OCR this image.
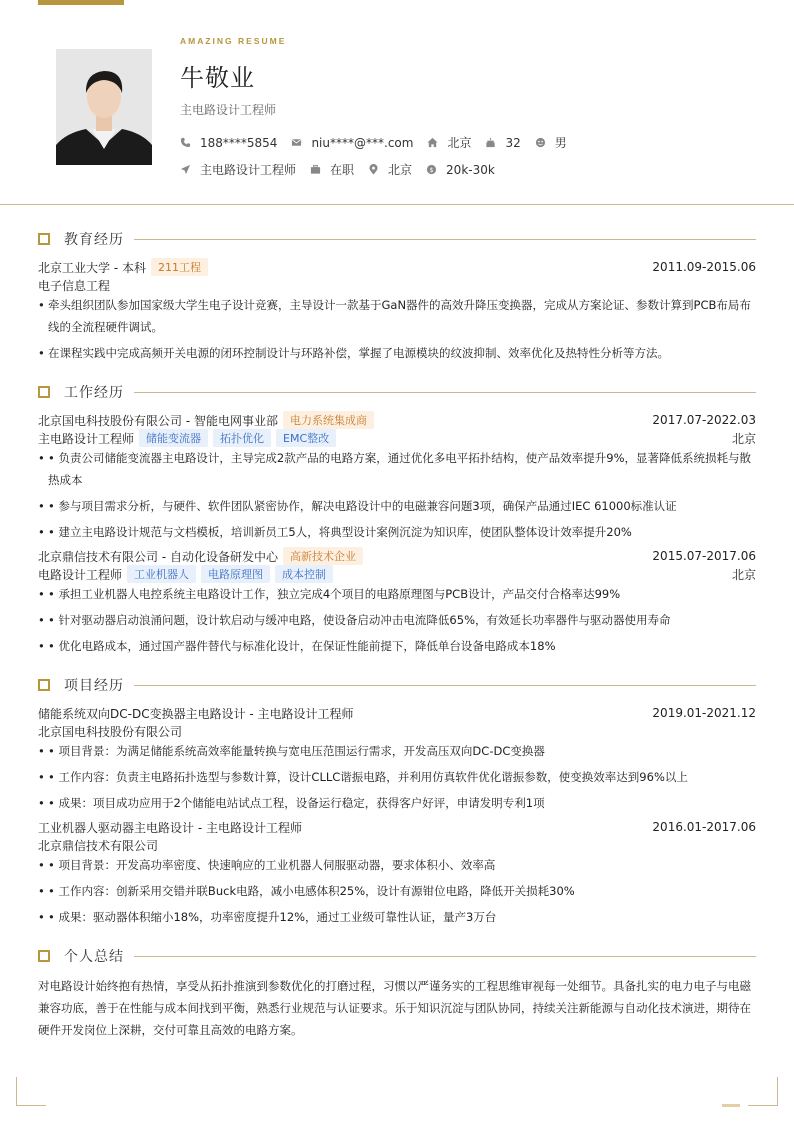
AMAZING RESUME
牛敬业
主电路设计工程师
188****5854	niu****@***.com	北京	32	男
主电路设计工程师	在职	北京 $ 20k-30k
教育经历
北京工业大学 - 本科	211工程	2011.09-2015.06
电子信息工程
• 牵头组织团队参加国家级大学生电子设计竞赛，主导设计一款基于GaN器件的高效升降压变换器，完成从方案论证、参数计算到PCB布局布线的全流程硬件调试。
• 在课程实践中完成高频开关电源的闭环控制设计与环路补偿，掌握了电源模块的纹波抑制、效率优化及热特性分析等方法。
工作经历
北京国电科技股份有限公司 - 智能电网事业部	电力系统集成商	2017.07-2022.03
主电路设计工程师	储能变流器	拓扑优化	EMC整改	北京
• • 负责公司储能变流器主电路设计，主导完成2款产品的电路方案，通过优化多电平拓扑结构，使产品效率提升9%，显著降低系统损耗与散热成本
• • 参与项目需求分析，与硬件、软件团队紧密协作，解决电路设计中的电磁兼容问题3项，确保产品通过IEC 61000标准认证
• • 建立主电路设计规范与文档模板，培训新员工5人，将典型设计案例沉淀为知识库，使团队整体设计效率提升20%
北京鼎信技术有限公司 - 自动化设备研发中心	高新技术企业	2015.07-2017.06
电路设计工程师	工业机器人	电路原理图	成本控制	北京
• • 承担工业机器人电控系统主电路设计工作，独立完成4个项目的电路原理图与PCB设计，产品交付合格率达99%
• • 针对驱动器启动浪涌问题，设计软启动与缓冲电路，使设备启动冲击电流降低65%，有效延长功率器件与驱动器使用寿命
• • 优化电路成本，通过国产器件替代与标准化设计，在保证性能前提下，降低单台设备电路成本18%
项目经历
储能系统双向DC-DC变换器主电路设计 - 主电路设计工程师	2019.01-2021.12
北京国电科技股份有限公司
• • 项目背景：为满足储能系统高效率能量转换与宽电压范围运行需求，开发高压双向DC-DC变换器
• • 工作内容：负责主电路拓扑选型与参数计算，设计CLLC谐振电路，并利用仿真软件优化谐振参数，使变换效率达到96%以上
• • 成果：项目成功应用于2个储能电站试点工程，设备运行稳定，获得客户好评，申请发明专利1项
工业机器人驱动器主电路设计 - 主电路设计工程师	2016.01-2017.06
北京鼎信技术有限公司
• • 项目背景：开发高功率密度、快速响应的工业机器人伺服驱动器，要求体积小、效率高
• • 工作内容：创新采用交错并联Buck电路，减小电感体积25%，设计有源钳位电路，降低开关损耗30%
• • 成果：驱动器体积缩小18%，功率密度提升12%，通过工业级可靠性认证，量产3万台
个人总结
对电路设计始终抱有热情，享受从拓扑推演到参数优化的打磨过程，习惯以严谨务实的工程思维审视每一处细节。具备扎实的电力电子与电磁兼容功底，善于在性能与成本间找到平衡，熟悉行业规范与认证要求。乐于知识沉淀与团队协同，持续关注新能源与自动化技术演进，期待在硬件开发岗位上深耕，交付可靠且高效的电路方案。
